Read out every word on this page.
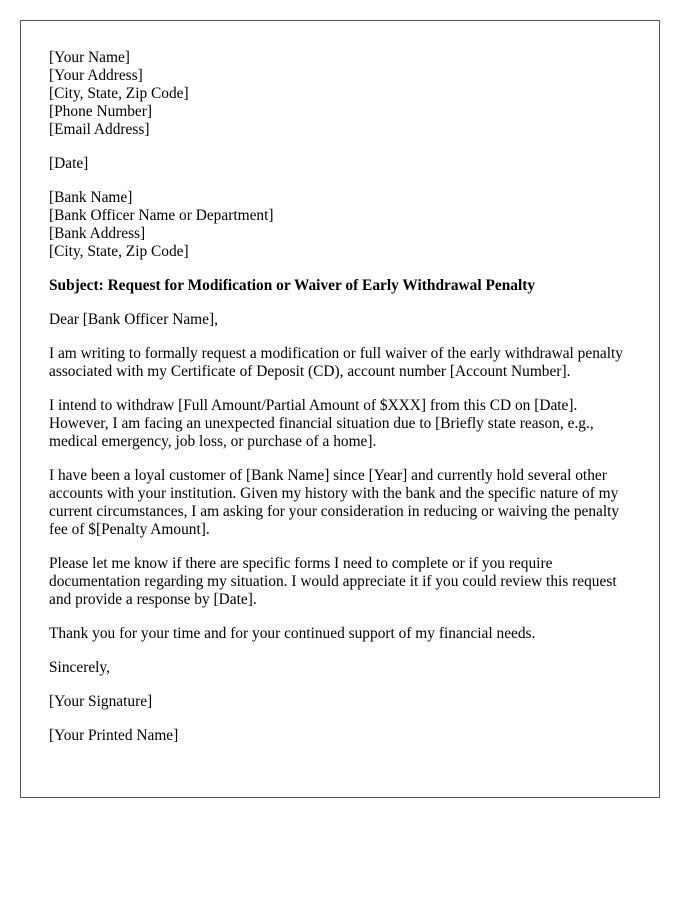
[Your Name]
[Your Address]
[City, State, Zip Code]
[Phone Number]
[Email Address]
[Date]
[Bank Name]
[Bank Officer Name or Department]
[Bank Address]
[City, State, Zip Code]
Subject: Request for Modification or Waiver of Early Withdrawal Penalty

Dear [Bank Officer Name],

I am writing to formally request a modification or full waiver of the early withdrawal penalty associated with my Certificate of Deposit (CD), account number [Account Number].

I intend to withdraw [Full Amount/Partial Amount of $XXX] from this CD on [Date]. However, I am facing an unexpected financial situation due to [Briefly state reason, e.g., medical emergency, job loss, or purchase of a home].

I have been a loyal customer of [Bank Name] since [Year] and currently hold several other accounts with your institution. Given my history with the bank and the specific nature of my current circumstances, I am asking for your consideration in reducing or waiving the penalty fee of $[Penalty Amount].

Please let me know if there are specific forms I need to complete or if you require documentation regarding my situation. I would appreciate it if you could review this request and provide a response by [Date].

Thank you for your time and for your continued support of my financial needs.

Sincerely,

[Your Signature]

[Your Printed Name]
